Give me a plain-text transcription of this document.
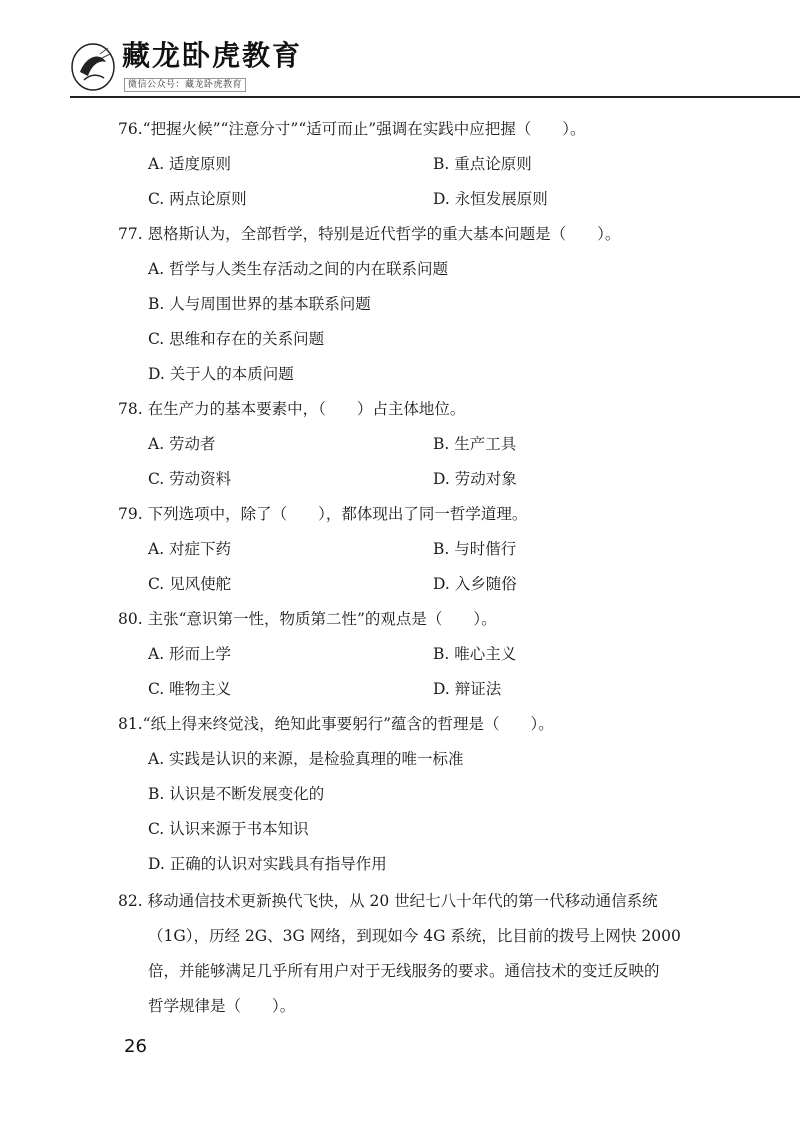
藏龙卧虎教育
微信公众号：藏龙卧虎教育
76.“把握火候”“注意分寸”“适可而止”强调在实践中应把握（　　）。
A. 适度原则	B. 重点论原则
C. 两点论原则	D. 永恒发展原则
77. 恩格斯认为，全部哲学，特别是近代哲学的重大基本问题是（　　）。
A. 哲学与人类生存活动之间的内在联系问题
B. 人与周围世界的基本联系问题
C. 思维和存在的关系问题
D. 关于人的本质问题
78. 在生产力的基本要素中，（　　）占主体地位。
A. 劳动者	B. 生产工具
C. 劳动资料	D. 劳动对象
79. 下列选项中，除了（　　），都体现出了同一哲学道理。
A. 对症下药	B. 与时偕行
C. 见风使舵	D. 入乡随俗
80. 主张“意识第一性，物质第二性”的观点是（　　）。
A. 形而上学	B. 唯心主义
C. 唯物主义	D. 辩证法
81.“纸上得来终觉浅，绝知此事要躬行”蕴含的哲理是（　　）。
A. 实践是认识的来源，是检验真理的唯一标准
B. 认识是不断发展变化的
C. 认识来源于书本知识
D. 正确的认识对实践具有指导作用
82. 移动通信技术更新换代飞快，从 20 世纪七八十年代的第一代移动通信系统
（1G），历经 2G、3G 网络，到现如今 4G 系统，比目前的拨号上网快 2000
倍，并能够满足几乎所有用户对于无线服务的要求。通信技术的变迁反映的
哲学规律是（　　）。
26
